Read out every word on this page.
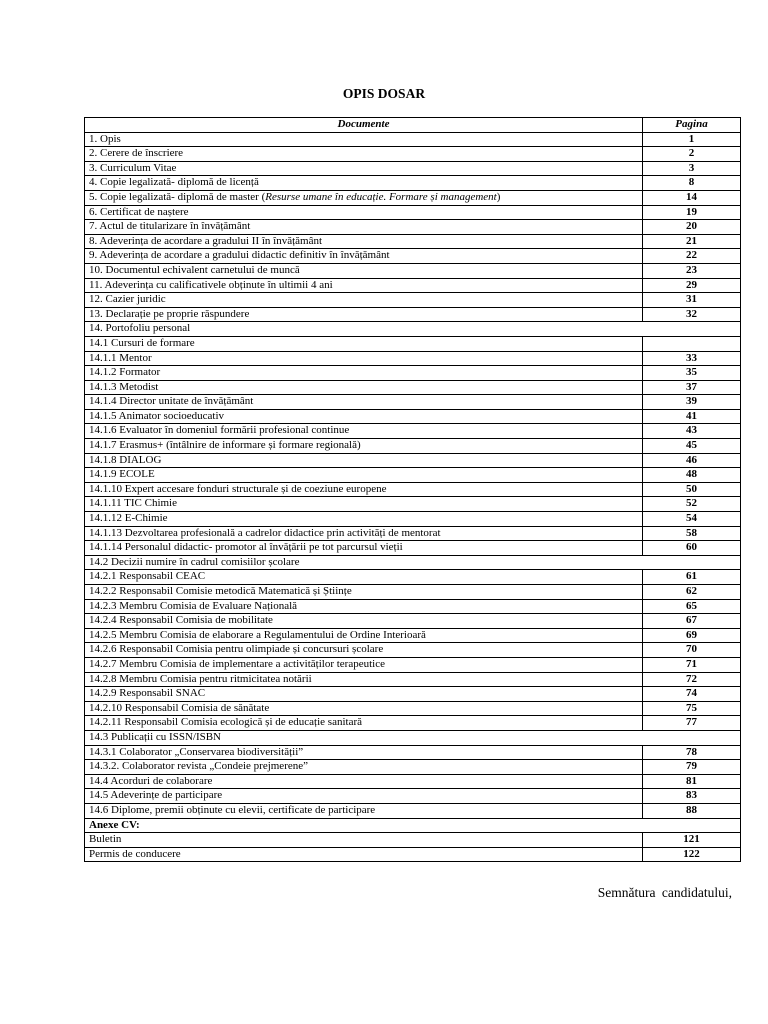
OPIS DOSAR
Documente	Pagina
1. Opis	1
2. Cerere de înscriere	2
3. Curriculum Vitae	3
4. Copie legalizată- diplomă de licență	8
5. Copie legalizată- diplomă de master (Resurse umane în educație. Formare și management)	14
6. Certificat de naștere	19
7. Actul de titularizare în învățământ	20
8. Adeverința de acordare a gradului II în învățământ	21
9. Adeverința de acordare a gradului didactic definitiv în învățământ	22
10. Documentul echivalent carnetului de muncă	23
11. Adeverința cu calificativele obținute în ultimii 4 ani	29
12. Cazier juridic	31
13. Declarație pe proprie răspundere	32
14. Portofoliu personal	
14.1 Cursuri de formare	
14.1.1 Mentor	33
14.1.2 Formator	35
14.1.3 Metodist	37
14.1.4 Director unitate de învățământ	39
14.1.5 Animator socioeducativ	41
14.1.6 Evaluator în domeniul formării profesional continue	43
14.1.7 Erasmus+ (întâlnire de informare și formare regională)	45
14.1.8 DIALOG	46
14.1.9 ECOLE	48
14.1.10 Expert accesare fonduri structurale și de coeziune europene	50
14.1.11 TIC Chimie	52
14.1.12 E-Chimie	54
14.1.13 Dezvoltarea profesională a cadrelor didactice prin activități de mentorat	58
14.1.14 Personalul didactic- promotor al învățării pe tot parcursul vieții	60
14.2 Decizii numire în cadrul comisiilor școlare	
14.2.1 Responsabil CEAC	61
14.2.2 Responsabil Comisie metodică Matematică și Științe	62
14.2.3 Membru Comisia de Evaluare Națională	65
14.2.4 Responsabil Comisia de mobilitate	67
14.2.5 Membru Comisia de elaborare a Regulamentului de Ordine Interioară	69
14.2.6 Responsabil Comisia pentru olimpiade și concursuri școlare	70
14.2.7 Membru Comisia de implementare a activităților terapeutice	71
14.2.8 Membru Comisia pentru ritmicitatea notării	72
14.2.9 Responsabil SNAC	74
14.2.10 Responsabil Comisia de sănătate	75
14.2.11 Responsabil Comisia ecologică și de educație sanitară	77
14.3 Publicații cu ISSN/ISBN	
14.3.1 Colaborator „Conservarea biodiversității”	78
14.3.2. Colaborator revista „Condeie prejmerene”	79
14.4 Acorduri de colaborare	81
14.5 Adeverințe de participare	83
14.6 Diplome, premii obținute cu elevii, certificate de participare	88
Anexe CV:	
Buletin	121
Permis de conducere	122
Semnătura candidatului,
